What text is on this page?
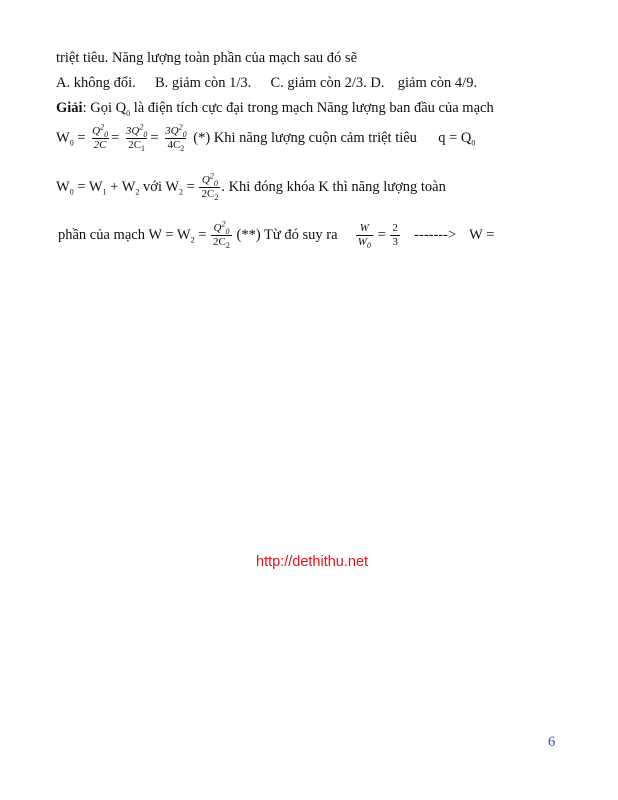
triệt tiêu. Năng lượng toàn phần của mạch sau đó sẽ
A. không đổi. B. giảm còn 1/3. C. giảm còn 2/3. D. giảm còn 4/9.
Giải: Gọi $Q_0$ là điện tích cực đại trong mạch Năng lượng ban đầu của mạch
$W_0 = \frac{Q^2_0}{2C} = \frac{3Q^2_0}{2C_1} = \frac{3Q^2_0}{4C_2}$ (*) Khi năng lượng cuộn cảm triệt tiêu $q = Q_0$
$W_0 = W_1 + W_2$ với $W_2 = \frac{Q^2_0}{2C_2}$ . Khi đóng khóa K thì năng lượng toàn
phần của mạch $W = W_2 = \frac{Q^2_0}{2C_2}$ (**) Từ đó suy ra $\frac{W}{W_0} = \frac{2}{3}$ -------> W =
http://dethithu.net
6
